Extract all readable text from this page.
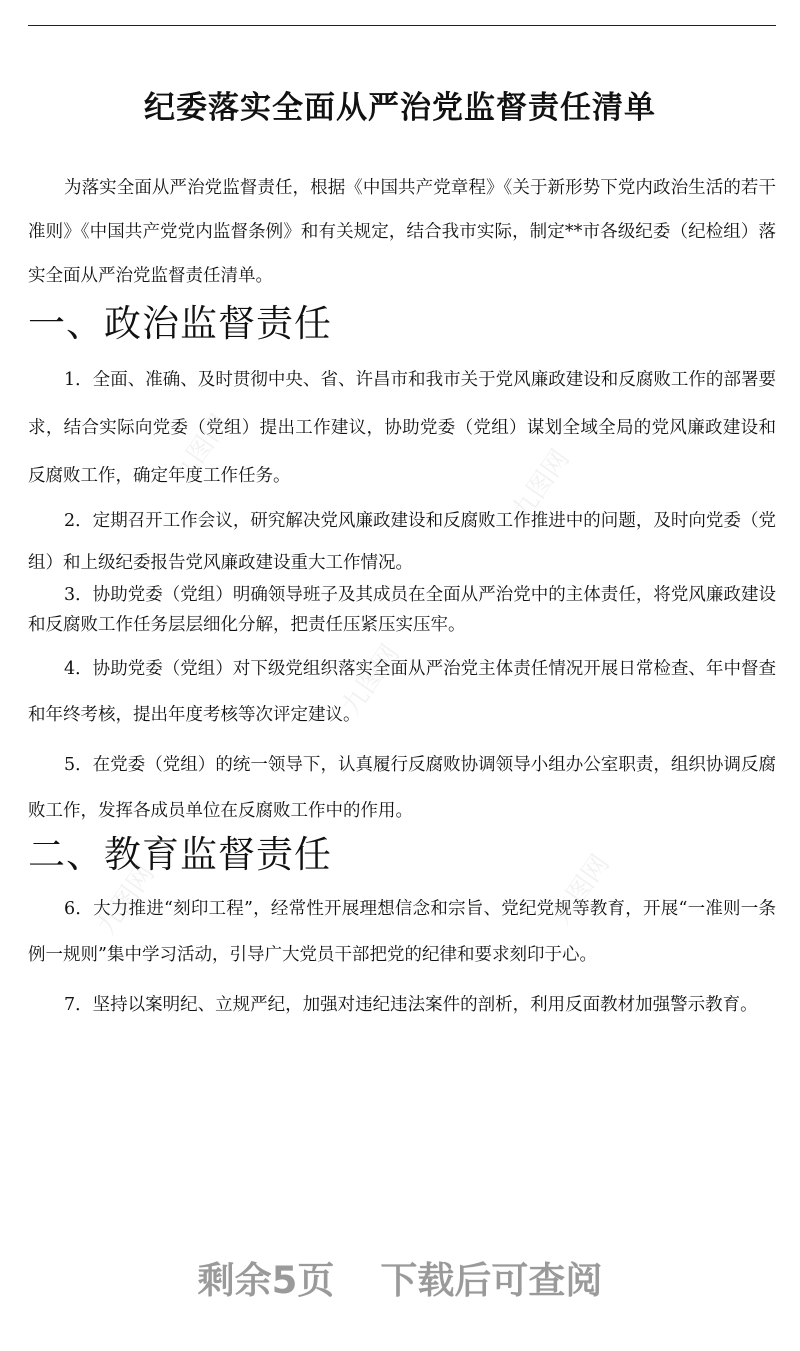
纪委落实全面从严治党监督责任清单

为落实全面从严治党监督责任，根据《中国共产党章程》《关于新形势下党内政治生活的若干准则》《中国共产党党内监督条例》和有关规定，结合我市实际，制定**市各级纪委（纪检组）落实全面从严治党监督责任清单。

一、政治监督责任

1．全面、准确、及时贯彻中央、省、许昌市和我市关于党风廉政建设和反腐败工作的部署要求，结合实际向党委（党组）提出工作建议，协助党委（党组）谋划全域全局的党风廉政建设和反腐败工作，确定年度工作任务。

2．定期召开工作会议，研究解决党风廉政建设和反腐败工作推进中的问题，及时向党委（党组）和上级纪委报告党风廉政建设重大工作情况。

3．协助党委（党组）明确领导班子及其成员在全面从严治党中的主体责任，将党风廉政建设和反腐败工作任务层层细化分解，把责任压紧压实压牢。

4．协助党委（党组）对下级党组织落实全面从严治党主体责任情况开展日常检查、年中督查和年终考核，提出年度考核等次评定建议。

5．在党委（党组）的统一领导下，认真履行反腐败协调领导小组办公室职责，组织协调反腐败工作，发挥各成员单位在反腐败工作中的作用。

二、教育监督责任

6．大力推进“刻印工程”，经常性开展理想信念和宗旨、党纪党规等教育，开展“一准则一条例一规则”集中学习活动，引导广大党员干部把党的纪律和要求刻印于心。

7．坚持以案明纪、立规严纪，加强对违纪违法案件的剖析，利用反面教材加强警示教育。

九图网	九图网
九图网
九图网	九图网
剩余5页 下载后可查阅
